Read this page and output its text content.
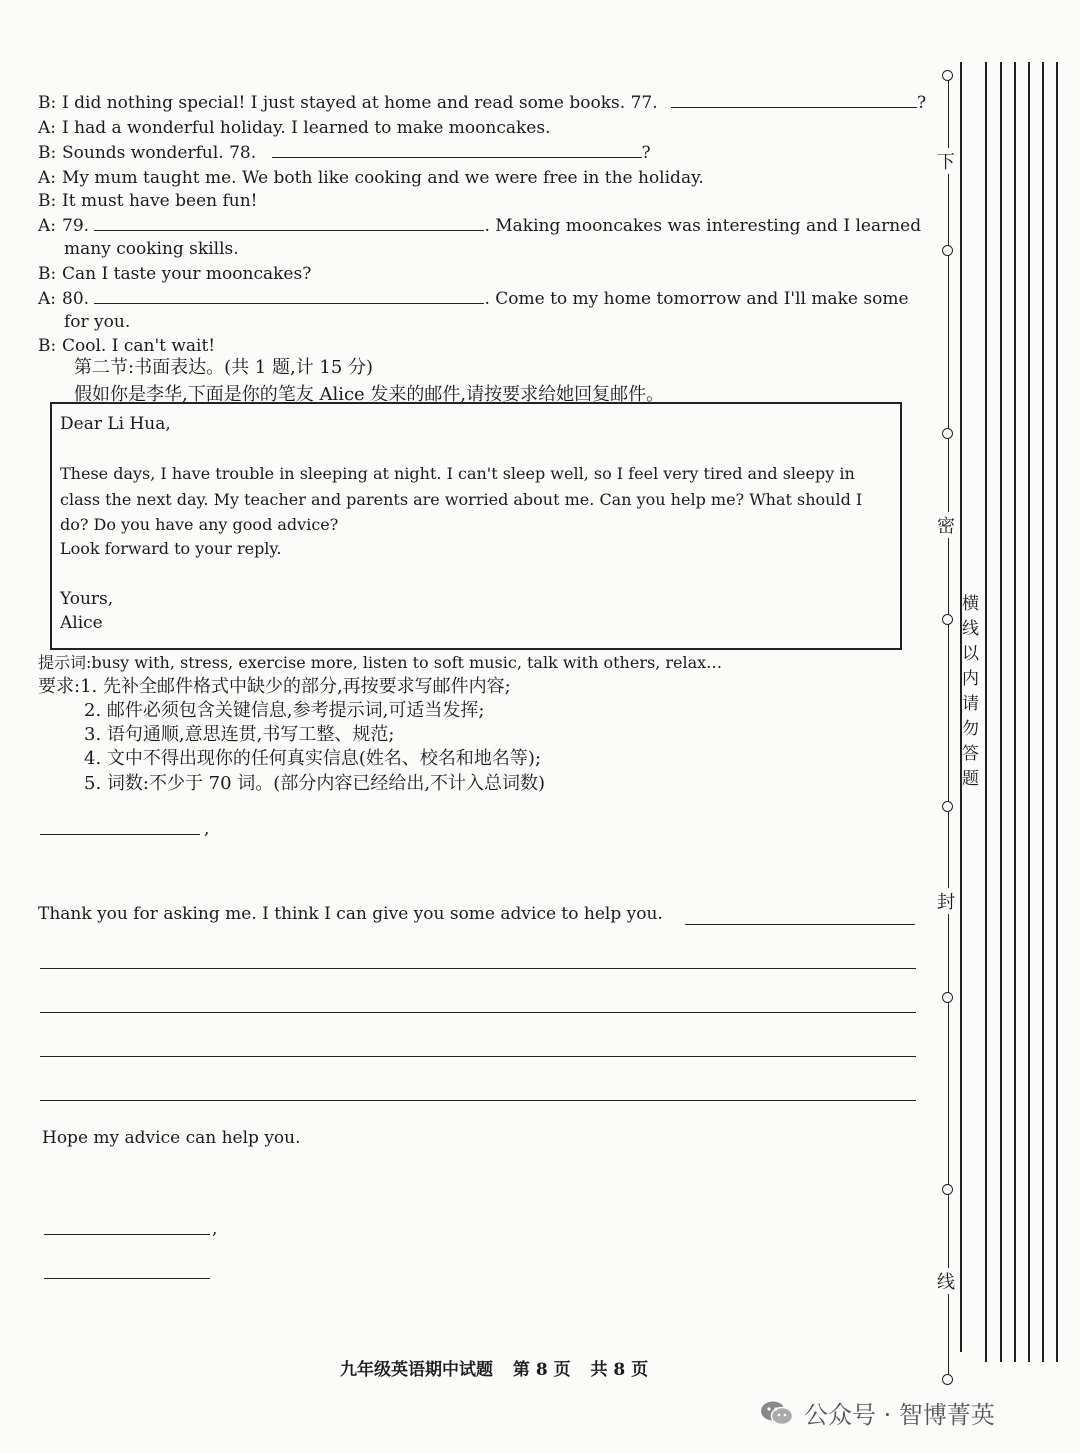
B: I did nothing special! I just stayed at home and read some books. 77.	?
A: I had a wonderful holiday. I learned to make mooncakes.
B: Sounds wonderful. 78.	?
A: My mum taught me. We both like cooking and we were free in the holiday.
B: It must have been fun!
A: 79.	. Making mooncakes was interesting and I learned
many cooking skills.
B: Can I taste your mooncakes?
A: 80.	. Come to my home tomorrow and I'll make some
for you.
B: Cool. I can't wait!
第二节:书面表达。(共 1 题,计 15 分)
假如你是李华,下面是你的笔友 Alice 发来的邮件,请按要求给她回复邮件。
Dear Li Hua,
These days, I have trouble in sleeping at night. I can't sleep well, so I feel very tired and sleepy in
class the next day. My teacher and parents are worried about me. Can you help me? What should I
do? Do you have any good advice?
Look forward to your reply.
Yours,
Alice
提示词:busy with, stress, exercise more, listen to soft music, talk with others, relax…
要求:1. 先补全邮件格式中缺少的部分,再按要求写邮件内容;
2. 邮件必须包含关键信息,参考提示词,可适当发挥;
3. 语句通顺,意思连贯,书写工整、规范;
4. 文中不得出现你的任何真实信息(姓名、校名和地名等);
5. 词数:不少于 70 词。(部分内容已经给出,不计入总词数)
,
Thank you for asking me. I think I can give you some advice to help you.
Hope my advice can help you.
,
九年级英语期中试题 第 8 页 共 8 页
下
密
封
线
横线以内请勿答题
公众号 · 智博菁英
